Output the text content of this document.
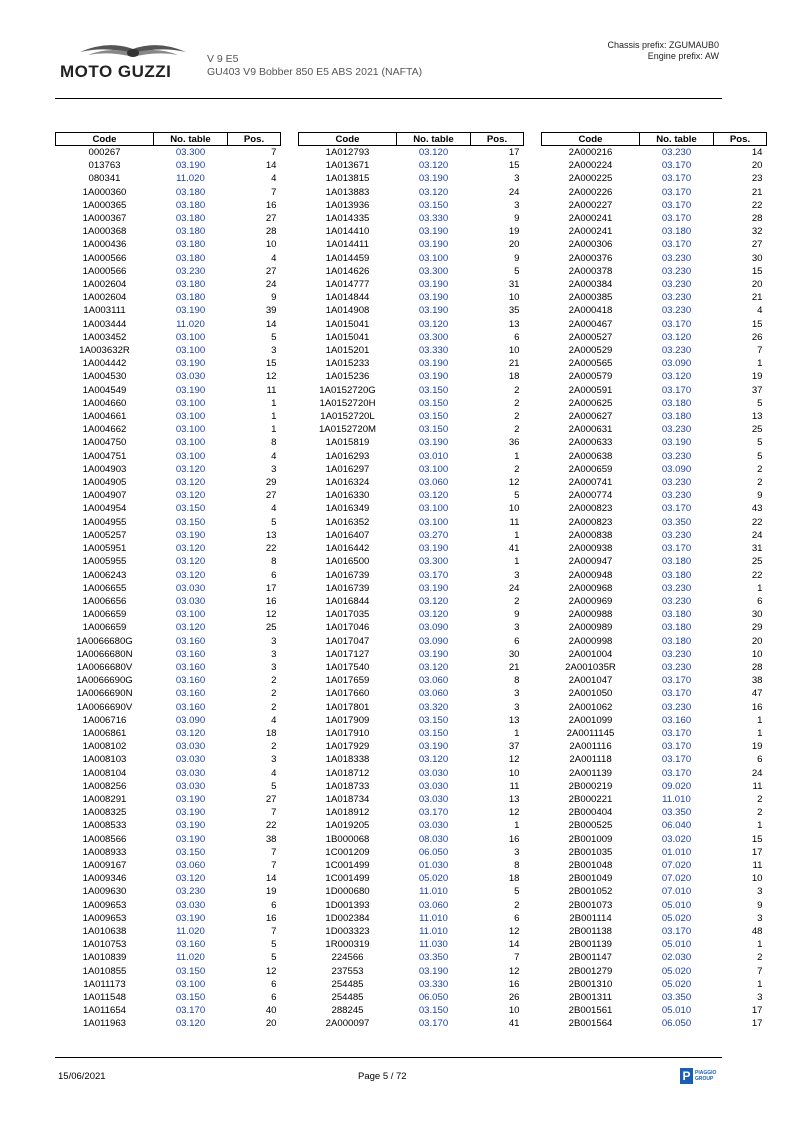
MOTO GUZZI
V 9 E5
GU403 V9 Bobber 850 E5 ABS 2021 (NAFTA)
Chassis prefix: ZGUMAUB0
Engine prefix: AW
Code	No. table	Pos.
000267	03.300	7
013763	03.190	14
080341	11.020	4
1A000360	03.180	7
1A000365	03.180	16
1A000367	03.180	27
1A000368	03.180	28
1A000436	03.180	10
1A000566	03.180	4
1A000566	03.230	27
1A002604	03.180	24
1A002604	03.180	9
1A003111	03.190	39
1A003444	11.020	14
1A003452	03.100	5
1A003632R	03.100	3
1A004442	03.190	15
1A004530	03.030	12
1A004549	03.190	11
1A004660	03.100	1
1A004661	03.100	1
1A004662	03.100	1
1A004750	03.100	8
1A004751	03.100	4
1A004903	03.120	3
1A004905	03.120	29
1A004907	03.120	27
1A004954	03.150	4
1A004955	03.150	5
1A005257	03.190	13
1A005951	03.120	22
1A005955	03.120	8
1A006243	03.120	6
1A006655	03.030	17
1A006656	03.030	16
1A006659	03.100	12
1A006659	03.120	25
1A0066680G	03.160	3
1A0066680N	03.160	3
1A0066680V	03.160	3
1A0066690G	03.160	2
1A0066690N	03.160	2
1A0066690V	03.160	2
1A006716	03.090	4
1A006861	03.120	18
1A008102	03.030	2
1A008103	03.030	3
1A008104	03.030	4
1A008256	03.030	5
1A008291	03.190	27
1A008325	03.190	7
1A008533	03.190	22
1A008566	03.190	38
1A008933	03.150	7
1A009167	03.060	7
1A009346	03.120	14
1A009630	03.230	19
1A009653	03.030	6
1A009653	03.190	16
1A010638	11.020	7
1A010753	03.160	5
1A010839	11.020	5
1A010855	03.150	12
1A011173	03.100	6
1A011548	03.150	6
1A011654	03.170	40
1A011963	03.120	20
Code	No. table	Pos.
1A012793	03.120	17
1A013671	03.120	15
1A013815	03.190	3
1A013883	03.120	24
1A013936	03.150	3
1A014335	03.330	9
1A014410	03.190	19
1A014411	03.190	20
1A014459	03.100	9
1A014626	03.300	5
1A014777	03.190	31
1A014844	03.190	10
1A014908	03.190	35
1A015041	03.120	13
1A015041	03.300	6
1A015201	03.330	10
1A015233	03.190	21
1A015236	03.190	18
1A0152720G	03.150	2
1A0152720H	03.150	2
1A0152720L	03.150	2
1A0152720M	03.150	2
1A015819	03.190	36
1A016293	03.010	1
1A016297	03.100	2
1A016324	03.060	12
1A016330	03.120	5
1A016349	03.100	10
1A016352	03.100	11
1A016407	03.270	1
1A016442	03.190	41
1A016500	03.300	1
1A016739	03.170	3
1A016739	03.190	24
1A016844	03.120	2
1A017035	03.120	9
1A017046	03.090	3
1A017047	03.090	6
1A017127	03.190	30
1A017540	03.120	21
1A017659	03.060	8
1A017660	03.060	3
1A017801	03.320	3
1A017909	03.150	13
1A017910	03.150	1
1A017929	03.190	37
1A018338	03.120	12
1A018712	03.030	10
1A018733	03.030	11
1A018734	03.030	13
1A018912	03.170	12
1A019205	03.030	1
1B000068	08.030	16
1C001209	06.050	3
1C001499	01.030	8
1C001499	05.020	18
1D000680	11.010	5
1D001393	03.060	2
1D002384	11.010	6
1D003323	11.010	12
1R000319	11.030	14
224566	03.350	7
237553	03.190	12
254485	03.330	16
254485	06.050	26
288245	03.150	10
2A000097	03.170	41
Code	No. table	Pos.
2A000216	03.230	14
2A000224	03.170	20
2A000225	03.170	23
2A000226	03.170	21
2A000227	03.170	22
2A000241	03.170	28
2A000241	03.180	32
2A000306	03.170	27
2A000376	03.230	30
2A000378	03.230	15
2A000384	03.230	20
2A000385	03.230	21
2A000418	03.230	4
2A000467	03.170	15
2A000527	03.120	26
2A000529	03.230	7
2A000565	03.090	1
2A000579	03.120	19
2A000591	03.170	37
2A000625	03.180	5
2A000627	03.180	13
2A000631	03.230	25
2A000633	03.190	5
2A000638	03.230	5
2A000659	03.090	2
2A000741	03.230	2
2A000774	03.230	9
2A000823	03.170	43
2A000823	03.350	22
2A000838	03.230	24
2A000938	03.170	31
2A000947	03.180	25
2A000948	03.180	22
2A000968	03.230	1
2A000969	03.230	6
2A000988	03.180	30
2A000989	03.180	29
2A000998	03.180	20
2A001004	03.230	10
2A001035R	03.230	28
2A001047	03.170	38
2A001050	03.170	47
2A001062	03.230	16
2A001099	03.160	1
2A0011145	03.170	1
2A001116	03.170	19
2A001118	03.170	6
2A001139	03.170	24
2B000219	09.020	11
2B000221	11.010	2
2B000404	03.350	2
2B000525	06.040	1
2B001009	03.020	15
2B001035	01.010	17
2B001048	07.020	11
2B001049	07.020	10
2B001052	07.010	3
2B001073	05.010	9
2B001114	05.020	3
2B001138	03.170	48
2B001139	05.010	1
2B001147	02.030	2
2B001279	05.020	7
2B001310	05.020	1
2B001311	03.350	3
2B001561	05.010	17
2B001564	06.050	17
15/06/2021	Page 5 / 72	P PIAGGIO
GROUP
